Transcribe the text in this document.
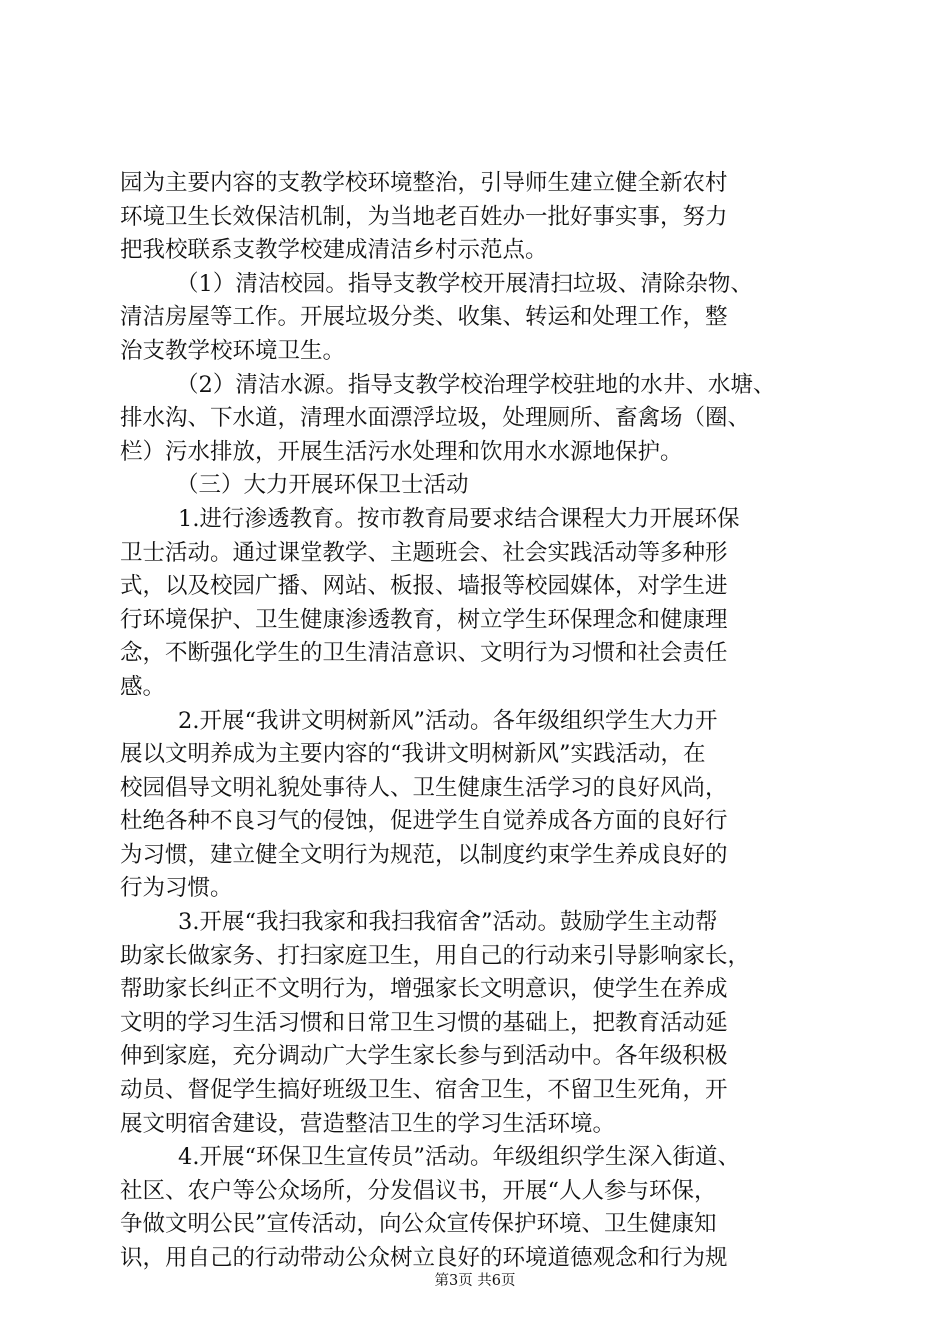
园为主要内容的支教学校环境整治，引导师生建立健全新农村
环境卫生长效保洁机制，为当地老百姓办一批好事实事，努力
把我校联系支教学校建成清洁乡村示范点。
（1）清洁校园。指导支教学校开展清扫垃圾、清除杂物、
清洁房屋等工作。开展垃圾分类、收集、转运和处理工作，整
治支教学校环境卫生。
（2）清洁水源。指导支教学校治理学校驻地的水井、水塘、
排水沟、下水道，清理水面漂浮垃圾，处理厕所、畜禽场（圈、
栏）污水排放，开展生活污水处理和饮用水水源地保护。
（三）大力开展环保卫士活动
1.进行渗透教育。按市教育局要求结合课程大力开展环保
卫士活动。通过课堂教学、主题班会、社会实践活动等多种形
式，以及校园广播、网站、板报、墙报等校园媒体，对学生进
行环境保护、卫生健康渗透教育，树立学生环保理念和健康理
念，不断强化学生的卫生清洁意识、文明行为习惯和社会责任
感。
2.开展“我讲文明树新风”活动。各年级组织学生大力开
展以文明养成为主要内容的“我讲文明树新风”实践活动，在
校园倡导文明礼貌处事待人、卫生健康生活学习的良好风尚，
杜绝各种不良习气的侵蚀，促进学生自觉养成各方面的良好行
为习惯，建立健全文明行为规范，以制度约束学生养成良好的
行为习惯。
3.开展“我扫我家和我扫我宿舍”活动。鼓励学生主动帮
助家长做家务、打扫家庭卫生，用自己的行动来引导影响家长，
帮助家长纠正不文明行为，增强家长文明意识，使学生在养成
文明的学习生活习惯和日常卫生习惯的基础上，把教育活动延
伸到家庭，充分调动广大学生家长参与到活动中。各年级积极
动员、督促学生搞好班级卫生、宿舍卫生，不留卫生死角，开
展文明宿舍建设，营造整洁卫生的学习生活环境。
4.开展“环保卫生宣传员”活动。年级组织学生深入街道、
社区、农户等公众场所，分发倡议书，开展“人人参与环保，
争做文明公民”宣传活动，向公众宣传保护环境、卫生健康知
识，用自己的行动带动公众树立良好的环境道德观念和行为规
第3页 共6页
